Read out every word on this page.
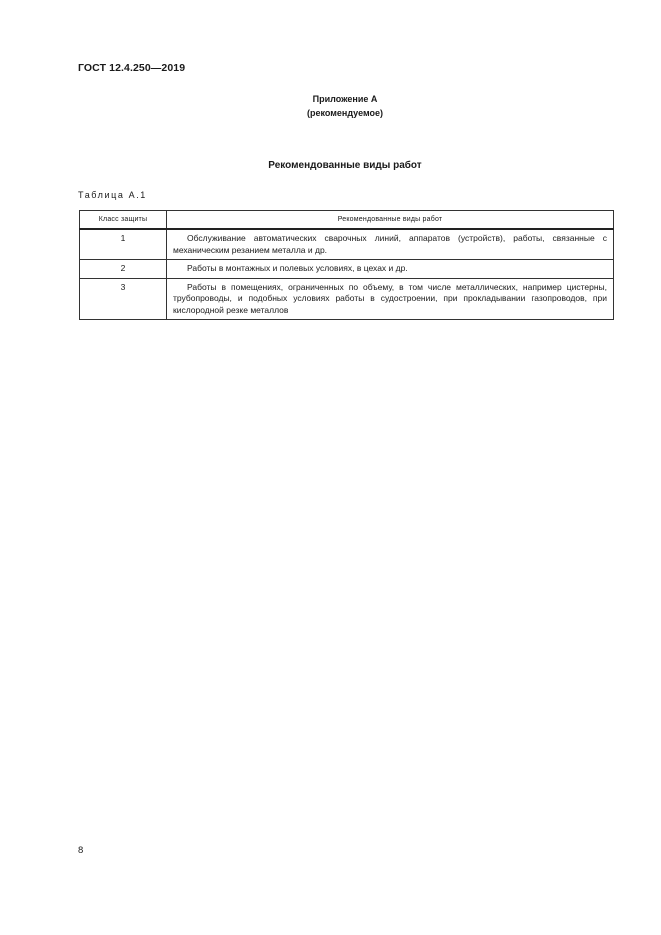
ГОСТ 12.4.250—2019
Приложение А
(рекомендуемое)
Рекомендованные виды работ
Таблица А.1
Класс защиты	Рекомендованные виды работ
1	Обслуживание автоматических сварочных линий, аппаратов (устройств), работы, связанные с механическим резанием металла и др.
2	Работы в монтажных и полевых условиях, в цехах и др.
3	Работы в помещениях, ограниченных по объему, в том числе металлических, например цистерны, трубопроводы, и подобных условиях работы в судостроении, при прокладывании газопроводов, при кислородной резке металлов
8
